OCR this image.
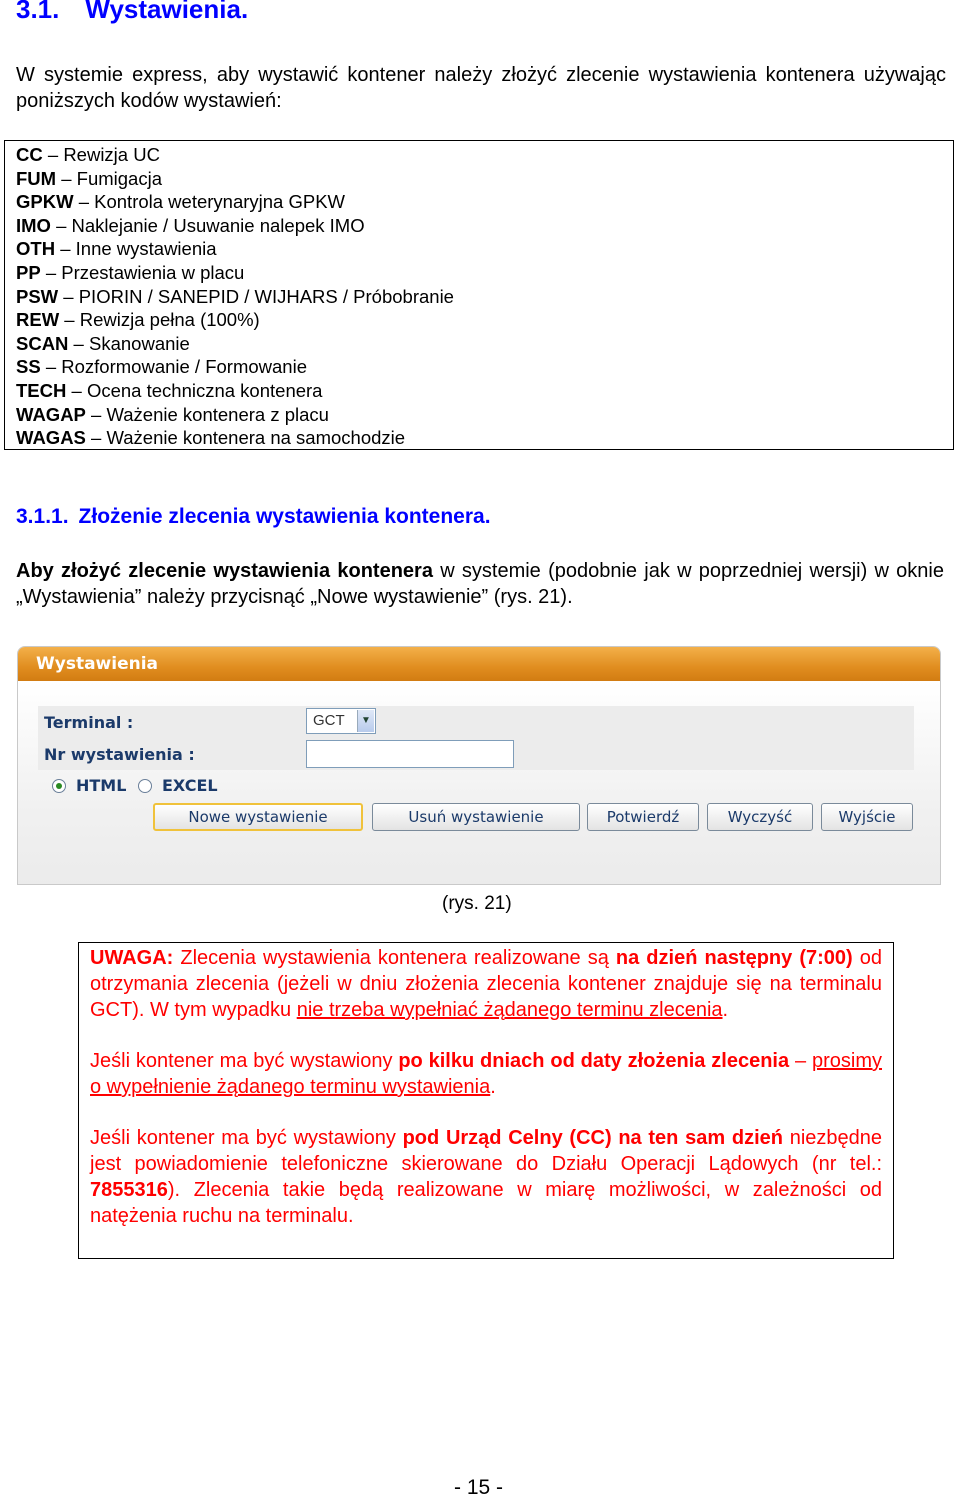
3.1. Wystawienia.
W systemie express, aby wystawić kontener należy złożyć zlecenie wystawienia kontenera używając poniższych kodów wystawień:
CC – Rewizja UC
FUM – Fumigacja
GPKW – Kontrola weterynaryjna GPKW
IMO – Naklejanie / Usuwanie nalepek IMO
OTH – Inne wystawienia
PP – Przestawienia w placu
PSW – PIORIN / SANEPID / WIJHARS / Próbobranie
REW – Rewizja pełna (100%)
SCAN – Skanowanie
SS – Rozformowanie / Formowanie
TECH – Ocena techniczna kontenera
WAGAP – Ważenie kontenera z placu
WAGAS – Ważenie kontenera na samochodzie
3.1.1. Złożenie zlecenia wystawienia kontenera.
Aby złożyć zlecenie wystawienia kontenera w systemie (podobnie jak w poprzedniej wersji) w oknie „Wystawienia” należy przycisnąć „Nowe wystawienie” (rys. 21).
Wystawienia
Terminal :	GCT	▼
Nr wystawienia :
HTML EXCEL
Nowe wystawienie	Usuń wystawienie	Potwierdź	Wyczyść	Wyjście
(rys. 21)

UWAGA: Zlecenia wystawienia kontenera realizowane są na dzień następny (7:00) od otrzymania zlecenia (jeżeli w dniu złożenia zlecenia kontener znajduje się na terminalu GCT). W tym wypadku nie trzeba wypełniać żądanego terminu zlecenia.

Jeśli kontener ma być wystawiony po kilku dniach od daty złożenia zlecenia – prosimy o wypełnienie żądanego terminu wystawienia.

Jeśli kontener ma być wystawiony pod Urząd Celny (CC) na ten sam dzień niezbędne jest powiadomienie telefoniczne skierowane do Działu Operacji Lądowych (nr tel.: 7855316). Zlecenia takie będą realizowane w miarę możliwości, w zależności od natężenia ruchu na terminalu.

- 15 -
